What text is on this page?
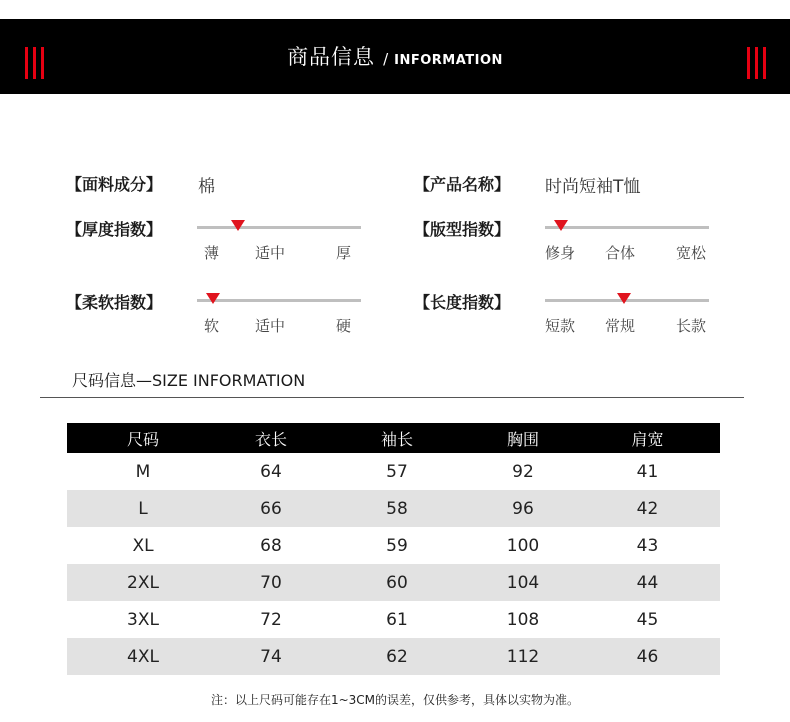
商品信息 / INFORMATION
【面料成分】 棉	【产品名称】 时尚短袖T恤
【厚度指数】
薄 适中	厚
【版型指数】
修身 合体	宽松
【柔软指数】
软 适中	硬
【长度指数】
短款 常规	长款
尺码信息—SIZE INFORMATION
尺码	衣长	袖长	胸围	肩宽
M	64	57	92	41
L	66	58	96	42
XL	68	59	100	43
2XL	70	60	104	44
3XL	72	61	108	45
4XL	74	62	112	46
注：以上尺码可能存在1~3CM的误差，仅供参考，具体以实物为准。
